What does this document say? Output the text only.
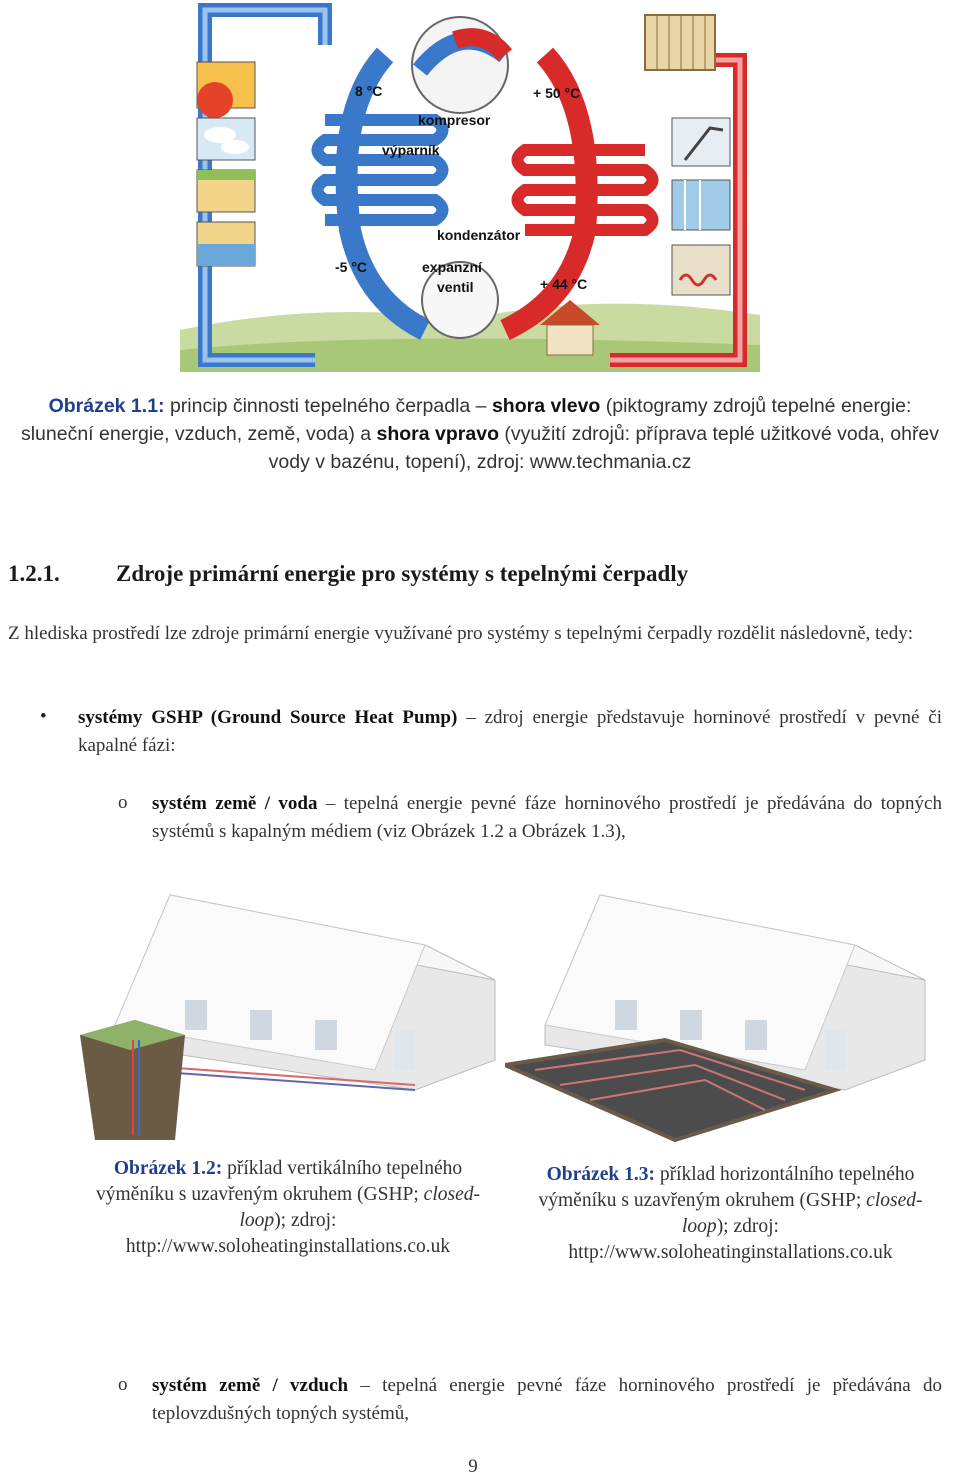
8 °C	+ 50 °C
kompresor
výparník
kondenzátor
-5 °C	expanzní
ventil	+ 44 °C
Obrázek 1.1: princip činnosti tepelného čerpadla – shora vlevo (piktogramy zdrojů tepelné energie: sluneční energie, vzduch, země, voda) a shora vpravo (využití zdrojů: příprava teplé užitkové voda, ohřev vody v bazénu, topení), zdroj: www.techmania.cz
1.2.1. Zdroje primární energie pro systémy s tepelnými čerpadly
Z hlediska prostředí lze zdroje primární energie využívané pro systémy s tepelnými čerpadly rozdělit následovně, tedy:
• systémy GSHP (Ground Source Heat Pump) – zdroj energie představuje horninové prostředí v pevné či kapalné fázi:
o systém země / voda – tepelná energie pevné fáze horninového prostředí je předávána do topných systémů s kapalným médiem (viz Obrázek 1.2 a Obrázek 1.3),
Obrázek 1.2: příklad vertikálního tepelného výměníku s uzavřeným okruhem (GSHP; closed-loop); zdroj: http://www.soloheatinginstallations.co.uk
Obrázek 1.3: příklad horizontálního tepelného výměníku s uzavřeným okruhem (GSHP; closed-loop); zdroj: http://www.soloheatinginstallations.co.uk
o systém země / vzduch – tepelná energie pevné fáze horninového prostředí je předávána do teplovzdušných topných systémů,
9
